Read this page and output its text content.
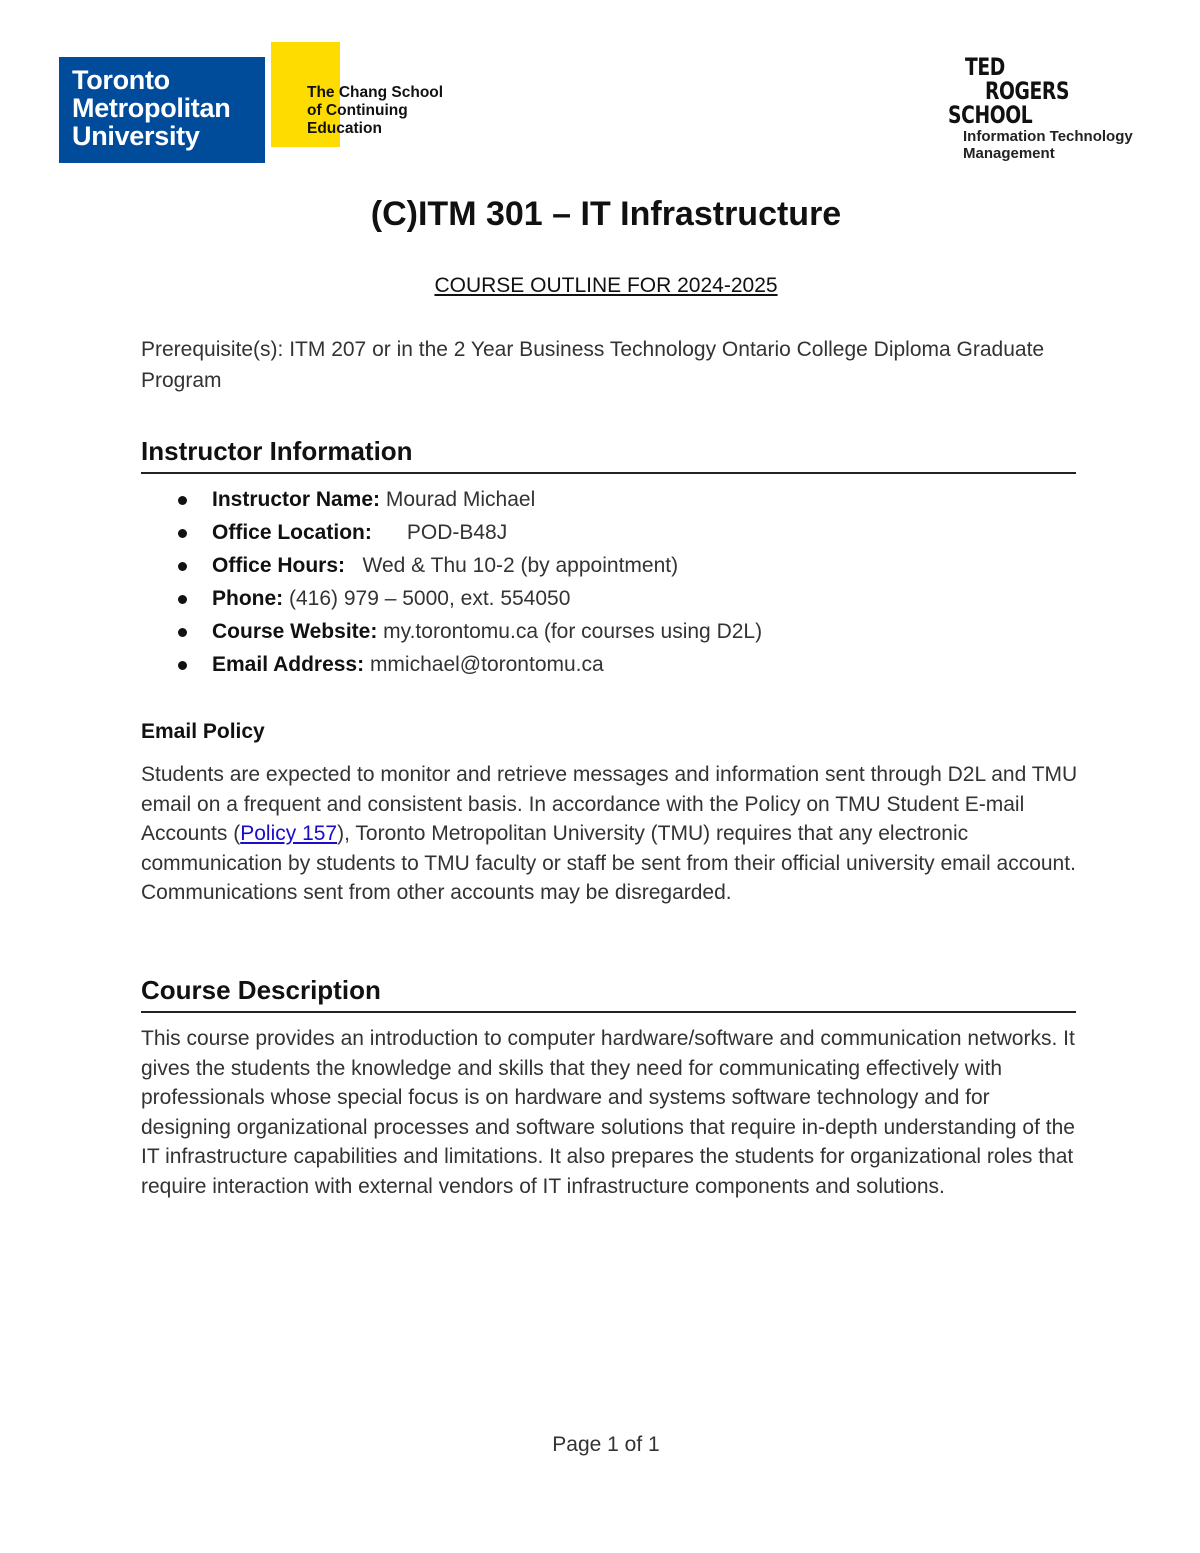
Toronto
Metropolitan
University
The Chang School
of Continuing
Education
TED
ROGERS
SCHOOL
Information Technology
Management
(C)ITM 301 – IT Infrastructure
COURSE OUTLINE FOR 2024-2025
Prerequisite(s): ITM 207 or in the 2 Year Business Technology Ontario College Diploma Graduate Program
Instructor Information
Instructor Name: Mourad Michael
Office Location:      POD-B48J
Office Hours:   Wed & Thu 10-2 (by appointment)
Phone: (416) 979 – 5000, ext. 554050
Course Website: my.torontomu.ca (for courses using D2L)
Email Address: mmichael@torontomu.ca
Email Policy

Students are expected to monitor and retrieve messages and information sent through D2L and TMU email on a frequent and consistent basis. In accordance with the Policy on TMU Student E-mail Accounts (Policy 157), Toronto Metropolitan University (TMU) requires that any electronic communication by students to TMU faculty or staff be sent from their official university email account. Communications sent from other accounts may be disregarded.

Course Description

This course provides an introduction to computer hardware/software and communication networks. It gives the students the knowledge and skills that they need for communicating effectively with professionals whose special focus is on hardware and systems software technology and for designing organizational processes and software solutions that require in-depth understanding of the IT infrastructure capabilities and limitations. It also prepares the students for organizational roles that require interaction with external vendors of IT infrastructure components and solutions.

Page 1 of 1
